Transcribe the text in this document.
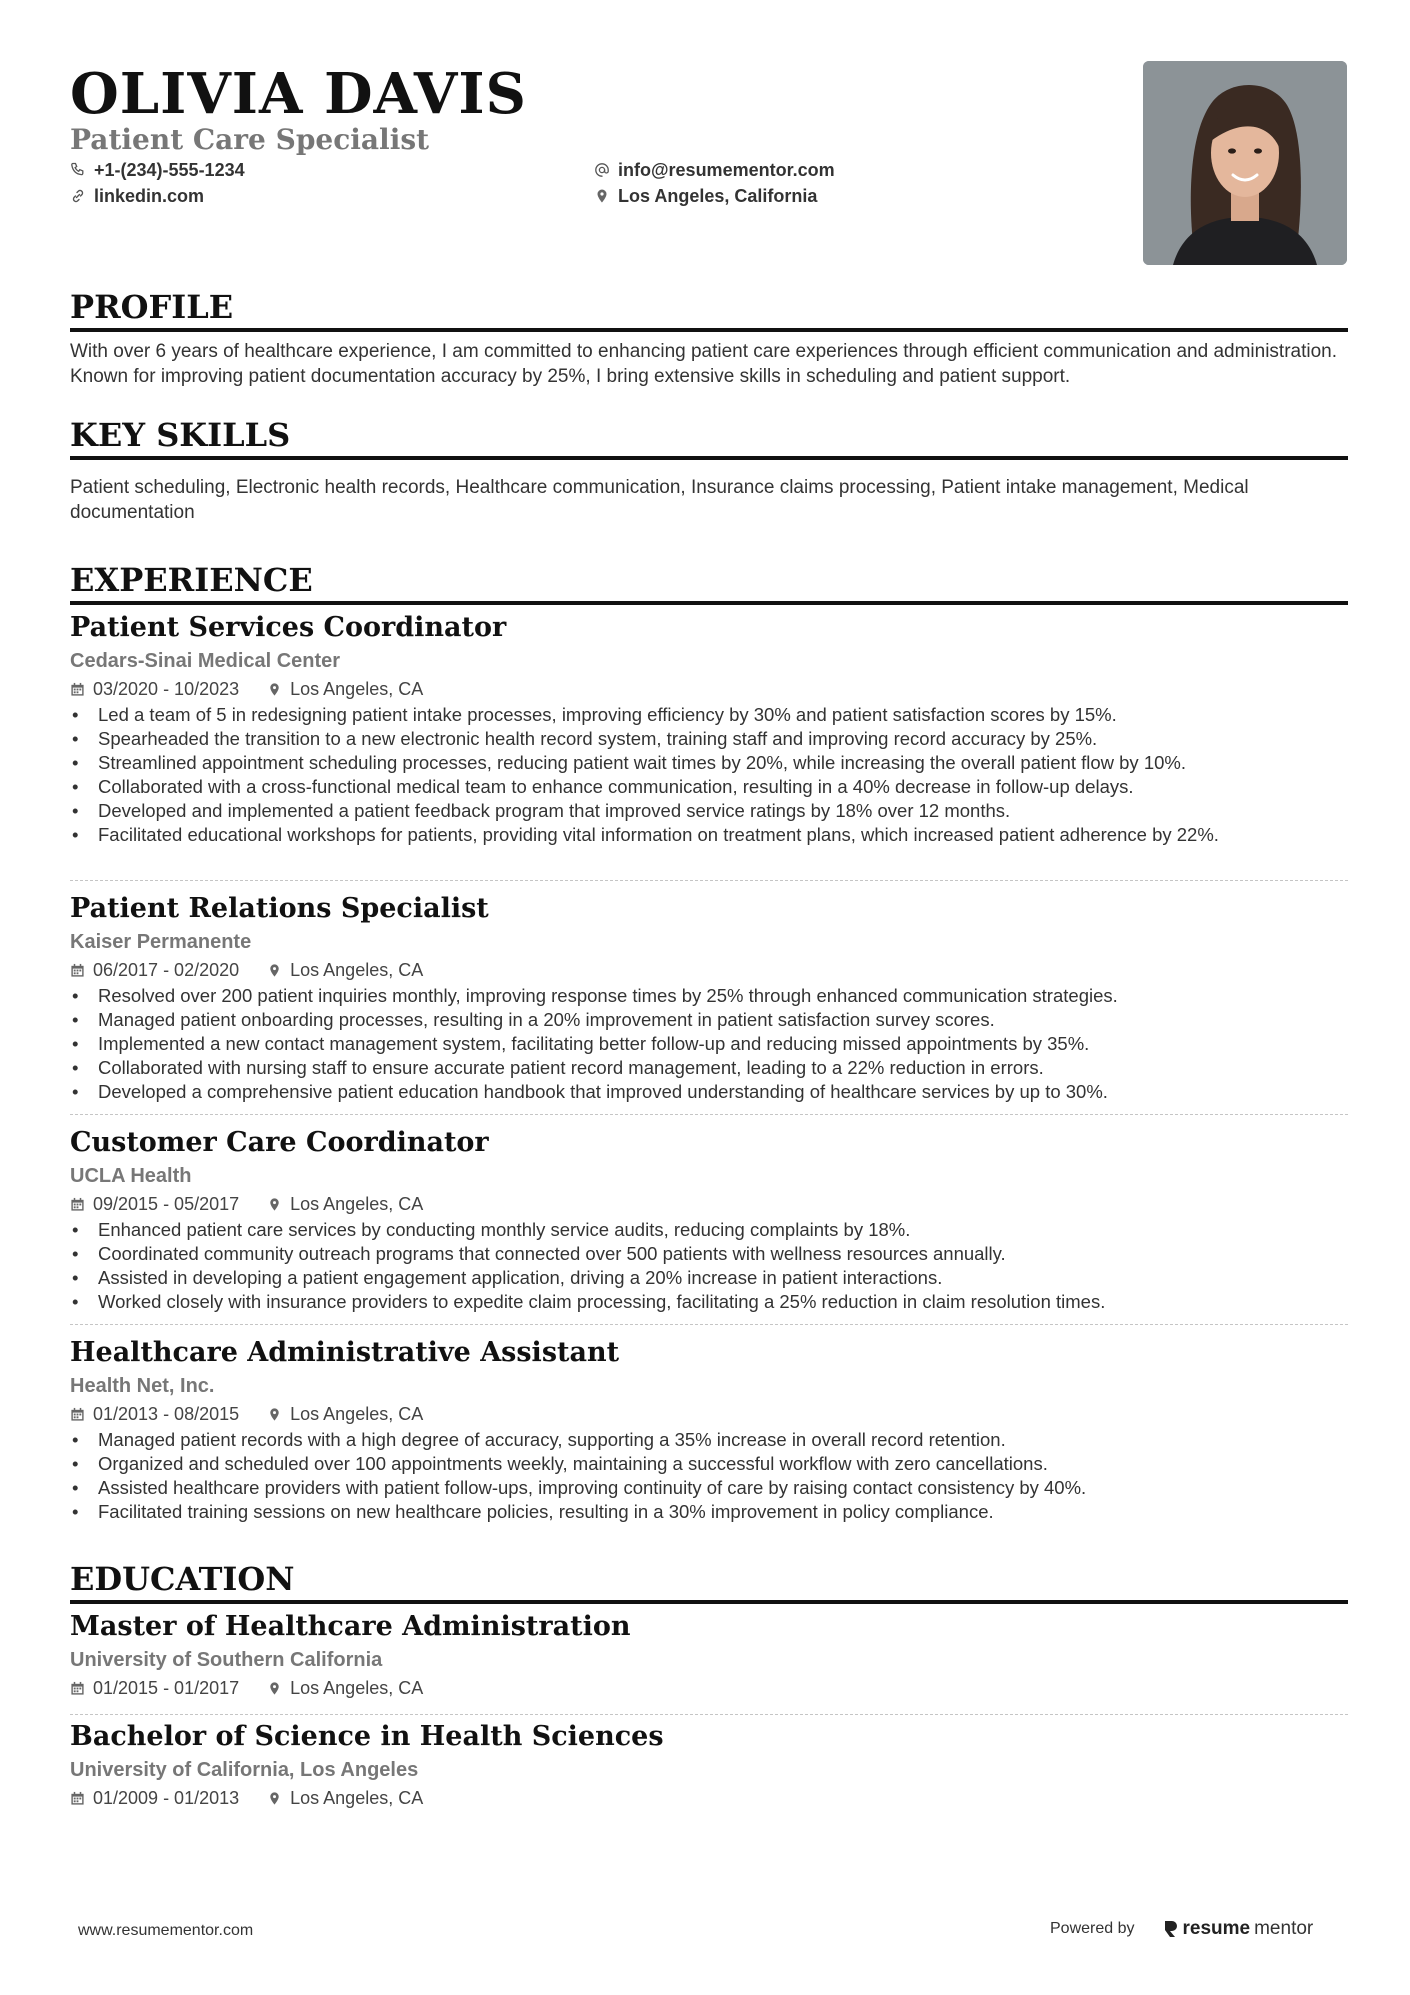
OLIVIA DAVIS
Patient Care Specialist
+1-(234)-555-1234
linkedin.com
info@resumementor.com
Los Angeles, California
PROFILE

With over 6 years of healthcare experience, I am committed to enhancing patient care experiences through efficient communication and administration. Known for improving patient documentation accuracy by 25%, I bring extensive skills in scheduling and patient support.

KEY SKILLS

Patient scheduling, Electronic health records, Healthcare communication, Insurance claims processing, Patient intake management, Medical documentation

EXPERIENCE
Patient Services Coordinator
Cedars-Sinai Medical Center
03/2020 - 10/2023	Los Angeles, CA
• Led a team of 5 in redesigning patient intake processes, improving efficiency by 30% and patient satisfaction scores by 15%.
• Spearheaded the transition to a new electronic health record system, training staff and improving record accuracy by 25%.
• Streamlined appointment scheduling processes, reducing patient wait times by 20%, while increasing the overall patient flow by 10%.
• Collaborated with a cross-functional medical team to enhance communication, resulting in a 40% decrease in follow-up delays.
• Developed and implemented a patient feedback program that improved service ratings by 18% over 12 months.
• Facilitated educational workshops for patients, providing vital information on treatment plans, which increased patient adherence by 22%.
Patient Relations Specialist
Kaiser Permanente
06/2017 - 02/2020	Los Angeles, CA
• Resolved over 200 patient inquiries monthly, improving response times by 25% through enhanced communication strategies.
• Managed patient onboarding processes, resulting in a 20% improvement in patient satisfaction survey scores.
• Implemented a new contact management system, facilitating better follow-up and reducing missed appointments by 35%.
• Collaborated with nursing staff to ensure accurate patient record management, leading to a 22% reduction in errors.
• Developed a comprehensive patient education handbook that improved understanding of healthcare services by up to 30%.
Customer Care Coordinator
UCLA Health
09/2015 - 05/2017	Los Angeles, CA
• Enhanced patient care services by conducting monthly service audits, reducing complaints by 18%.
• Coordinated community outreach programs that connected over 500 patients with wellness resources annually.
• Assisted in developing a patient engagement application, driving a 20% increase in patient interactions.
• Worked closely with insurance providers to expedite claim processing, facilitating a 25% reduction in claim resolution times.
Healthcare Administrative Assistant
Health Net, Inc.
01/2013 - 08/2015	Los Angeles, CA
• Managed patient records with a high degree of accuracy, supporting a 35% increase in overall record retention.
• Organized and scheduled over 100 appointments weekly, maintaining a successful workflow with zero cancellations.
• Assisted healthcare providers with patient follow-ups, improving continuity of care by raising contact consistency by 40%.
• Facilitated training sessions on new healthcare policies, resulting in a 30% improvement in policy compliance.
EDUCATION
Master of Healthcare Administration
University of Southern California
01/2015 - 01/2017	Los Angeles, CA
Bachelor of Science in Health Sciences
University of California, Los Angeles
01/2009 - 01/2013	Los Angeles, CA
www.resumementor.com	Powered by	resume mentor
